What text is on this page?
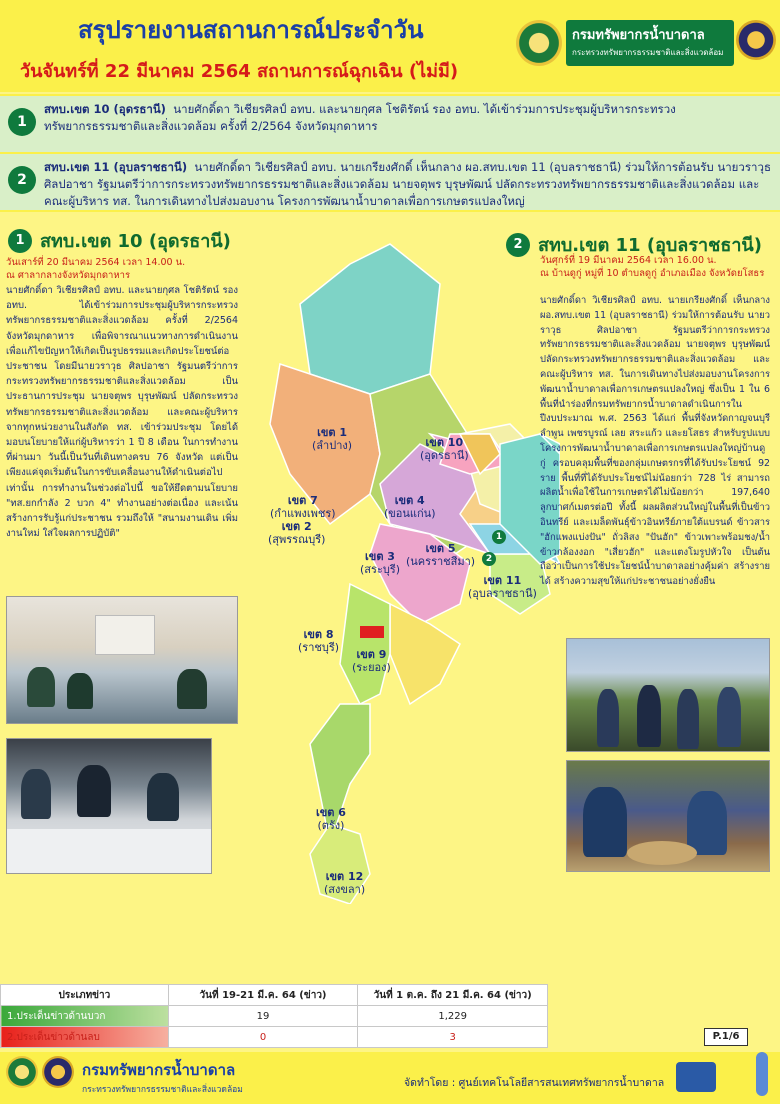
สรุปรายงานสถานการณ์ประจำวัน
วันจันทร์ที่ 22 มีนาคม 2564 สถานการณ์ฉุกเฉิน (ไม่มี)
กรมทรัพยากรน้ำบาดาล
กระทรวงทรัพยากรธรรมชาติและสิ่งแวดล้อม
1
สทบ.เขต 10 (อุดรธานี) นายศักดิ์ดา วิเชียรศิลป์ อทบ. และนายกุศล โชติรัตน์ รอง อทบ. ได้เข้าร่วมการประชุมผู้บริหารกระทรวงทรัพยากรธรรมชาติและสิ่งแวดล้อม ครั้งที่ 2/2564 จังหวัดมุกดาหาร
2
สทบ.เขต 11 (อุบลราชธานี) นายศักดิ์ดา วิเชียรศิลป์ อทบ. นายเกรียงศักดิ์ เห็นกลาง ผอ.สทบ.เขต 11 (อุบลราชธานี) ร่วมให้การต้อนรับ นายวราวุธ ศิลปอาชา รัฐมนตรีว่าการกระทรวงทรัพยากรธรรมชาติและสิ่งแวดล้อม นายจตุพร บุรุษพัฒน์ ปลัดกระทรวงทรัพยากรธรรมชาติและสิ่งแวดล้อม และคณะผู้บริหาร ทส. ในการเดินทางไปส่งมอบงาน โครงการพัฒนาน้ำบาดาลเพื่อการเกษตรแปลงใหญ่
1 สทบ.เขต 10 (อุดรธานี)
วันเสาร์ที่ 20 มีนาคม 2564 เวลา 14.00 น.
ณ ศาลากลางจังหวัดมุกดาหาร
นายศักดิ์ดา วิเชียรศิลป์ อทบ. และนายกุศล โชติรัตน์ รอง อทบ. ได้เข้าร่วมการประชุมผู้บริหารกระทรวงทรัพยากรธรรมชาติและสิ่งแวดล้อม ครั้งที่ 2/2564 จังหวัดมุกดาหาร เพื่อพิจารณาแนวทางการดำเนินงานเพื่อแก้ไขปัญหาให้เกิดเป็นรูปธรรมและเกิดประโยชน์ต่อประชาชน โดยมีนายวราวุธ ศิลปอาชา รัฐมนตรีว่าการกระทรวงทรัพยากรธรรมชาติและสิ่งแวดล้อม เป็นประธานการประชุม นายจตุพร บุรุษพัฒน์ ปลัดกระทรวงทรัพยากรธรรมชาติและสิ่งแวดล้อม และคณะผู้บริหารจากทุกหน่วยงานในสังกัด ทส. เข้าร่วมประชุม โดยได้มอบนโยบายให้แก่ผู้บริหารว่า 1 ปี 8 เดือน ในการทำงานที่ผ่านมา วันนี้เป็นวันที่เดินทางครบ 76 จังหวัด แต่เป็นเพียงแค่จุดเริ่มต้นในการขับเคลื่อนงานให้ดำเนินต่อไปเท่านั้น การทำงานในช่วงต่อไปนี้ ขอให้ยึดตามนโยบาย "ทส.ยกกำลัง 2 บวก 4" ทำงานอย่างต่อเนื่อง และเน้นสร้างการรับรู้แก่ประชาชน รวมถึงให้ "สนามงานเดิน เพิ่มงานใหม่ ใส่ใจผลการปฏิบัติ"
เขต 1
(ลำปาง)
เขต 2
(สุพรรณบุรี)
เขต 3
(สระบุรี)
เขต 4
(ขอนแก่น)
เขต 5
(นครราชสีมา)
เขต 6
(ตรัง)
เขต 7
(กำแพงเพชร)
เขต 8
(ราชบุรี)
เขต 9
(ระยอง)
เขต 10
(อุดรธานี)
เขต 11
(อุบลราชธานี)
เขต 12
(สงขลา)
1
2
2 สทบ.เขต 11 (อุบลราชธานี)
วันศุกร์ที่ 19 มีนาคม 2564 เวลา 16.00 น.
ณ บ้านดูกู่ หมู่ที่ 10 ตำบลดูกู่ อำเภอเมือง จังหวัดยโสธร
นายศักดิ์ดา วิเชียรศิลป์ อทบ. นายเกรียงศักดิ์ เห็นกลาง ผอ.สทบ.เขต 11 (อุบลราชธานี) ร่วมให้การต้อนรับ นายวราวุธ ศิลปอาชา รัฐมนตรีว่าการกระทรวงทรัพยากรธรรมชาติและสิ่งแวดล้อม นายจตุพร บุรุษพัฒน์ ปลัดกระทรวงทรัพยากรธรรมชาติและสิ่งแวดล้อม และคณะผู้บริหาร ทส. ในการเดินทางไปส่งมอบงานโครงการพัฒนาน้ำบาดาลเพื่อการเกษตรแปลงใหญ่ ซึ่งเป็น 1 ใน 6 พื้นที่นำร่องที่กรมทรัพยากรน้ำบาดาลดำเนินการในปีงบประมาณ พ.ศ. 2563 ได้แก่ พื้นที่จังหวัดกาญจนบุรี ลำพูน เพชรบูรณ์ เลย สระแก้ว และยโสธร สำหรับรูปแบบโครงการพัฒนาน้ำบาดาลเพื่อการเกษตรแปลงใหญ่บ้านดูกู่ ครอบคลุมพื้นที่ของกลุ่มเกษตรกรที่ได้รับประโยชน์ 92 ราย พื้นที่ที่ได้รับประโยชน์ไม่น้อยกว่า 728 ไร่ สามารถผลิตน้ำเพื่อใช้ในการเกษตรได้ไม่น้อยกว่า 197,640 ลูกบาศก์เมตรต่อปี ทั้งนี้ ผลผลิตส่วนใหญ่ในพื้นที่เป็นข้าวอินทรีย์ และเมล็ดพันธุ์ข้าวอินทรีย์ภายใต้แบรนด์ ข้าวสาร "ฮักแพงแบ่งปัน" ถั่วลิสง "ปันฮัก" ข้าวเพาะพร้อมชง/น้ำข้าวกล้องงอก "เสี่ยวฮัก" และแตงโมรูปหัวใจ เป็นต้น ถือว่าเป็นการใช้ประโยชน์น้ำบาดาลอย่างคุ้มค่า สร้างรายได้ สร้างความสุขให้แก่ประชาชนอย่างยั่งยืน
ประเภทข่าว	วันที่ 19-21 มี.ค. 64 (ข่าว)	วันที่ 1 ต.ค. ถึง 21 มี.ค. 64 (ข่าว)
1.ประเด็นข่าวด้านบวก	19	1,229
2.ประเด็นข่าวด้านลบ	0	3	P.1/6
กรมทรัพยากรน้ำบาดาล
กระทรวงทรัพยากรธรรมชาติและสิ่งแวดล้อม
จัดทำโดย : ศูนย์เทคโนโลยีสารสนเทศทรัพยากรน้ำบาดาล
